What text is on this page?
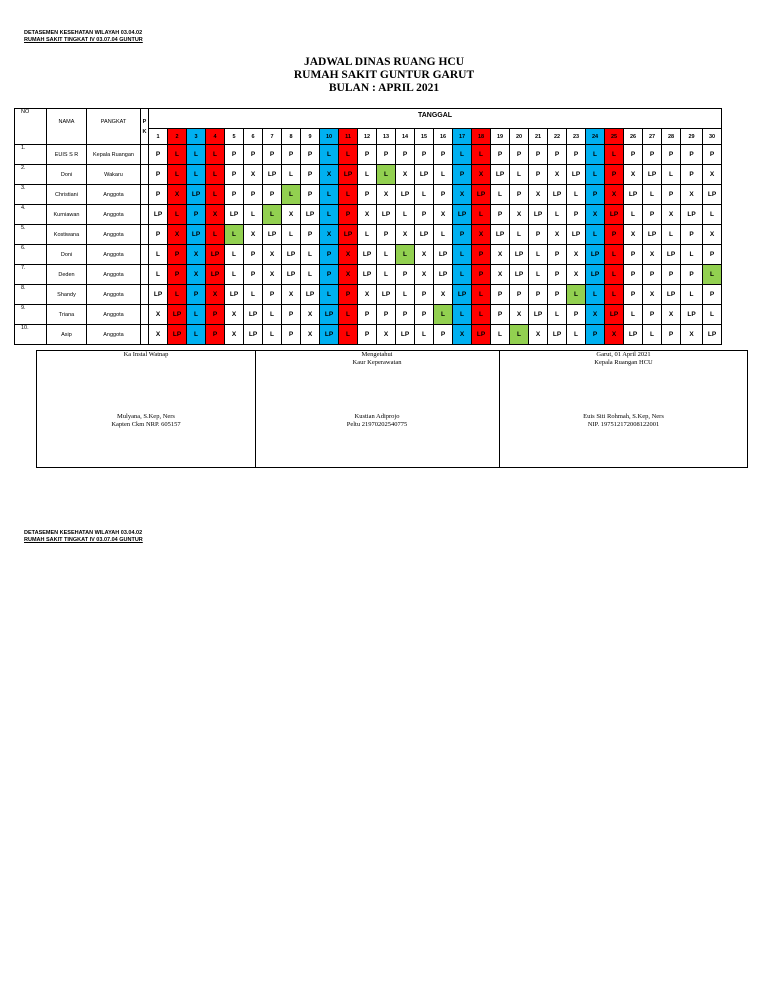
DETASEMEN KESEHATAN WILAYAH 03.04.02
RUMAH SAKIT TINGKAT IV 03.07.04 GUNTUR
JADWAL DINAS RUANG HCU
RUMAH SAKIT GUNTUR GARUT
BULAN : APRIL 2021
NO	NAMA	PANGKAT	P
K	TANGGAL																													
				1	2	3	4	5	6	7	8	9	10	11	12	13	14	15	16	17	18	19	20	21	22	23	24	25	26	27	28	29	30
1.	EUIS S R	Kepala Ruangan		P	L	L	L	P	P	P	P	P	L	L	P	P	P	P	P	L	L	P	P	P	P	P	L	L	P	P	P	P	P
2.	Doni	Wakaru		P	L	L	L	P	X	LP	L	P	X	LP	L	L	X	LP	L	P	X	LP	L	P	X	LP	L	P	X	LP	L	P	X
3.	Christiani	Anggota		P	X	LP	L	P	P	P	L	P	L	L	P	X	LP	L	P	X	LP	L	P	X	LP	L	P	X	LP	L	P	X	LP
4.	Kurniawan	Anggota		LP	L	P	X	LP	L	L	X	LP	L	P	X	LP	L	P	X	LP	L	P	X	LP	L	P	X	LP	L	P	X	LP	L
5.	Kostiwana	Anggota		P	X	LP	L	L	X	LP	L	P	X	LP	L	P	X	LP	L	P	X	LP	L	P	X	LP	L	P	X	LP	L	P	X
6.	Doni	Anggota		L	P	X	LP	L	P	X	LP	L	P	X	LP	L	L	X	LP	L	P	X	LP	L	P	X	LP	L	P	X	LP	L	P
7.	Deden	Anggota		L	P	X	LP	L	P	X	LP	L	P	X	LP	L	P	X	LP	L	P	X	LP	L	P	X	LP	L	P	P	P	P	L
8.	Shandy	Anggota		LP	L	P	X	LP	L	P	X	LP	L	P	X	LP	L	P	X	LP	L	P	P	P	P	L	L	L	P	X	LP	L	P
9.	Triana	Anggota		X	LP	L	P	X	LP	L	P	X	LP	L	P	P	P	P	L	L	L	P	X	LP	L	P	X	LP	L	P	X	LP	L
10.	Asip	Anggota		X	LP	L	P	X	LP	L	P	X	LP	L	P	X	LP	L	P	X	LP	L	L	X	LP	L	P	X	LP	L	P	X	LP
Ka Instal Watnap
Mulyana, S.Kep, Ners
Kapten Ckm NRP. 605157
Mengetahui
Kaur Keperawatan
Kustian Adiprojo
Peltu 21970202540775
Garut, 01 April 2021
Kepala Ruangan HCU
Euis Siti Rohmah, S.Kep, Ners
NIP. 197512172008122001
DETASEMEN KESEHATAN WILAYAH 03.04.02
RUMAH SAKIT TINGKAT IV 03.07.04 GUNTUR
